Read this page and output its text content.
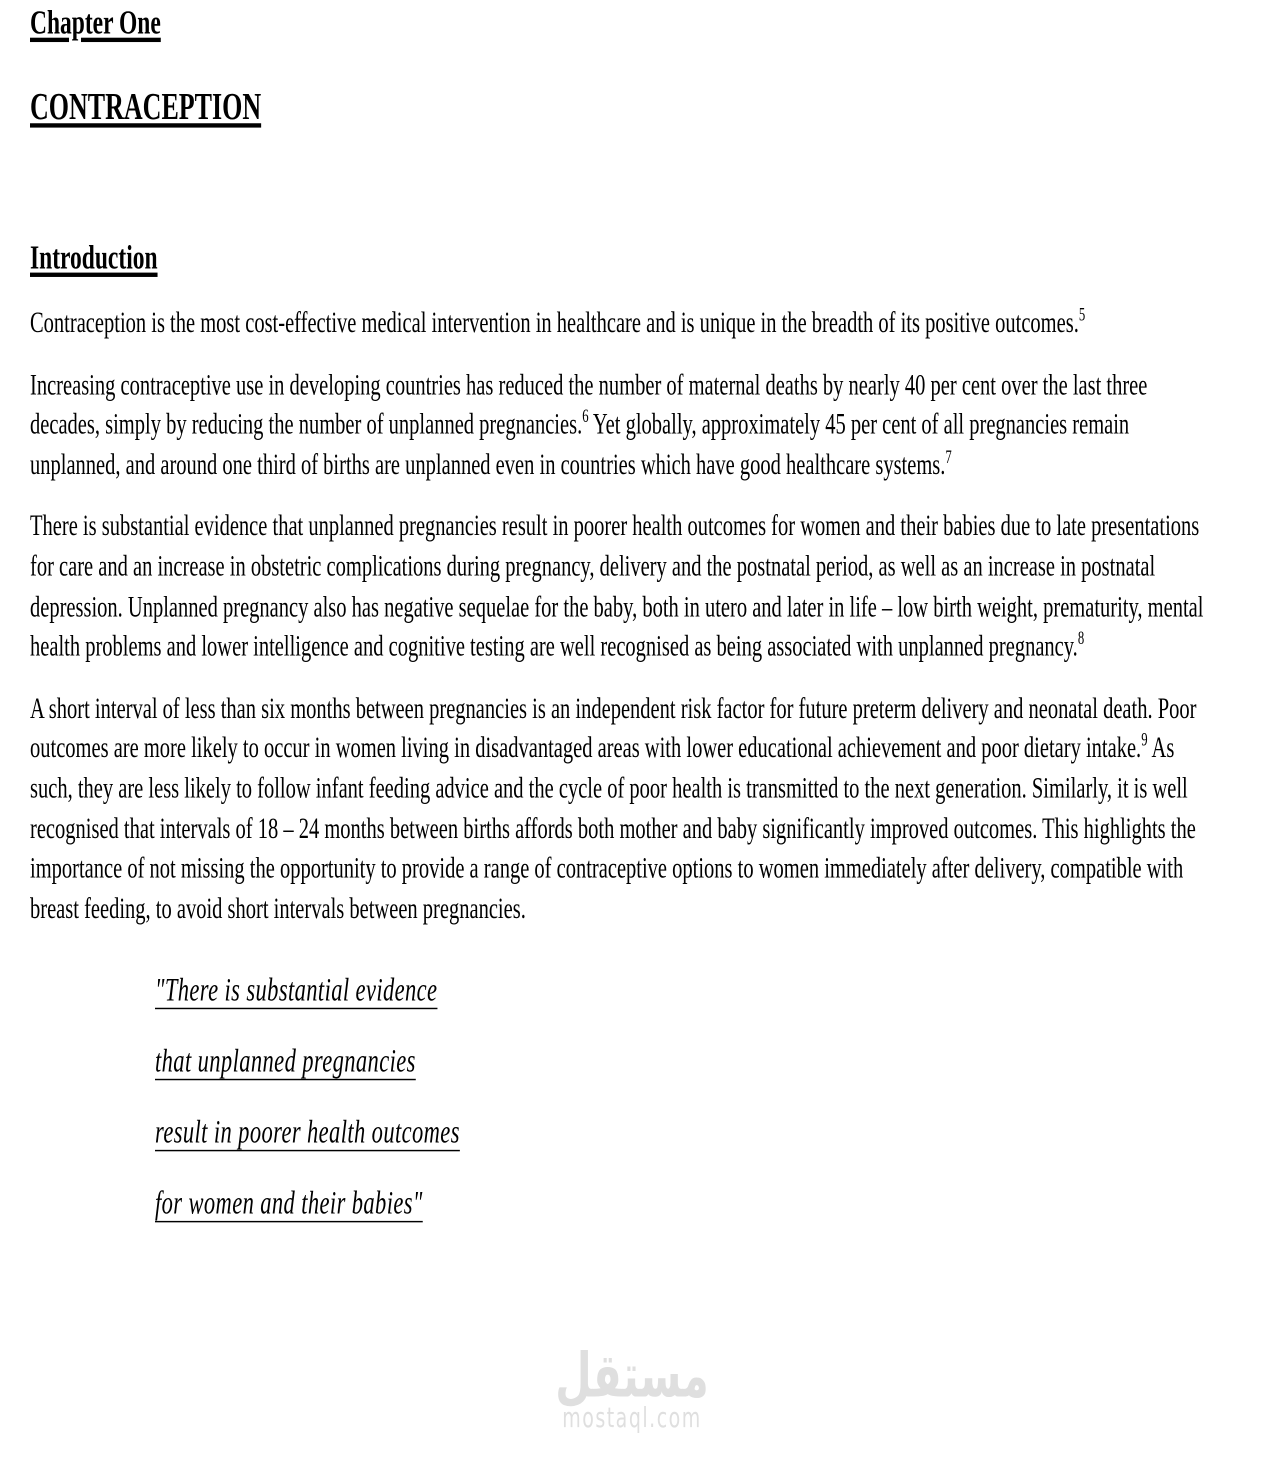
Chapter One
CONTRACEPTION
Introduction

Contraception is the most cost-effective medical intervention in healthcare and is unique in the breadth of its positive outcomes.$^5$

Increasing contraceptive use in developing countries has reduced the number of maternal deaths by nearly 40 per cent over the last three decades, simply by reducing the number of unplanned pregnancies.$^6$ Yet globally, approximately 45 per cent of all pregnancies remain unplanned, and around one third of births are unplanned even in countries which have good healthcare systems.$^7$

There is substantial evidence that unplanned pregnancies result in poorer health outcomes for women and their babies due to late presentations for care and an increase in obstetric complications during pregnancy, delivery and the postnatal period, as well as an increase in postnatal depression. Unplanned pregnancy also has negative sequelae for the baby, both in utero and later in life – low birth weight, prematurity, mental health problems and lower intelligence and cognitive testing are well recognised as being associated with unplanned pregnancy.$^8$

A short interval of less than six months between pregnancies is an independent risk factor for future preterm delivery and neonatal death. Poor outcomes are more likely to occur in women living in disadvantaged areas with lower educational achievement and poor dietary intake.$^9$ As such, they are less likely to follow infant feeding advice and the cycle of poor health is transmitted to the next generation. Similarly, it is well recognised that intervals of 18 – 24 months between births affords both mother and baby significantly improved outcomes. This highlights the importance of not missing the opportunity to provide a range of contraceptive options to women immediately after delivery, compatible with breast feeding, to avoid short intervals between pregnancies.

"There is substantial evidence
that unplanned pregnancies
result in poorer health outcomes
for women and their babies"
مستقل
mostaql.com
